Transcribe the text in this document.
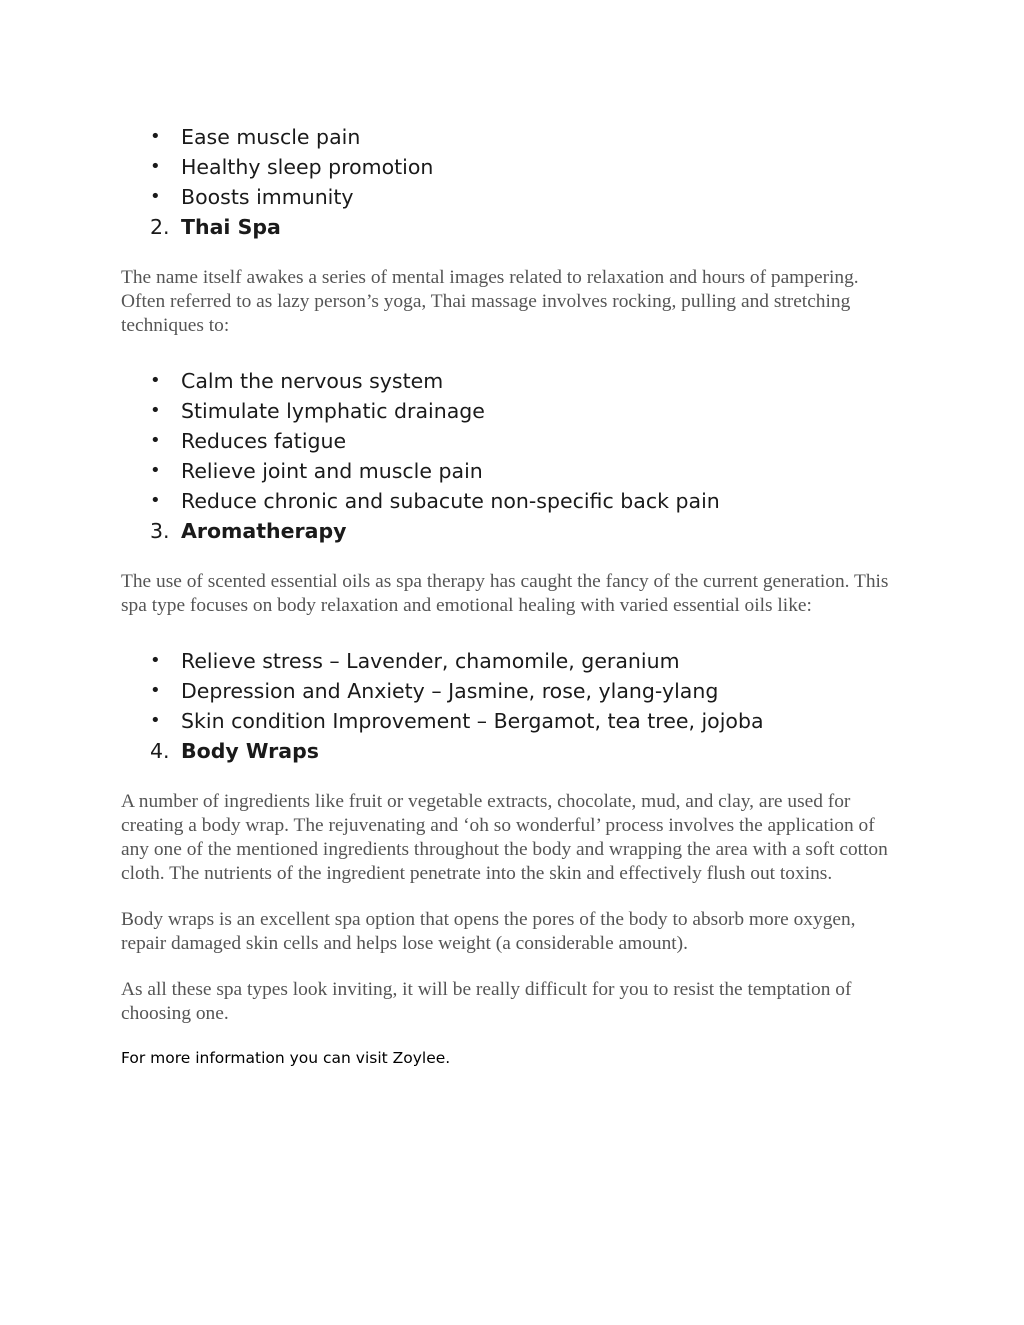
• Ease muscle pain
• Healthy sleep promotion
• Boosts immunity
2. Thai Spa

The name itself awakes a series of mental images related to relaxation and hours of pampering. Often referred to as lazy person’s yoga, Thai massage involves rocking, pulling and stretching techniques to:

• Calm the nervous system
• Stimulate lymphatic drainage
• Reduces fatigue
• Relieve joint and muscle pain
• Reduce chronic and subacute non-specific back pain
3. Aromatherapy

The use of scented essential oils as spa therapy has caught the fancy of the current generation. This spa type focuses on body relaxation and emotional healing with varied essential oils like:

• Relieve stress – Lavender, chamomile, geranium
• Depression and Anxiety – Jasmine, rose, ylang-ylang
• Skin condition Improvement – Bergamot, tea tree, jojoba
4. Body Wraps

A number of ingredients like fruit or vegetable extracts, chocolate, mud, and clay, are used for creating a body wrap. The rejuvenating and ‘oh so wonderful’ process involves the application of any one of the mentioned ingredients throughout the body and wrapping the area with a soft cotton cloth. The nutrients of the ingredient penetrate into the skin and effectively flush out toxins.

Body wraps is an excellent spa option that opens the pores of the body to absorb more oxygen, repair damaged skin cells and helps lose weight (a considerable amount).

As all these spa types look inviting, it will be really difficult for you to resist the temptation of choosing one.

For more information you can visit Zoylee.
